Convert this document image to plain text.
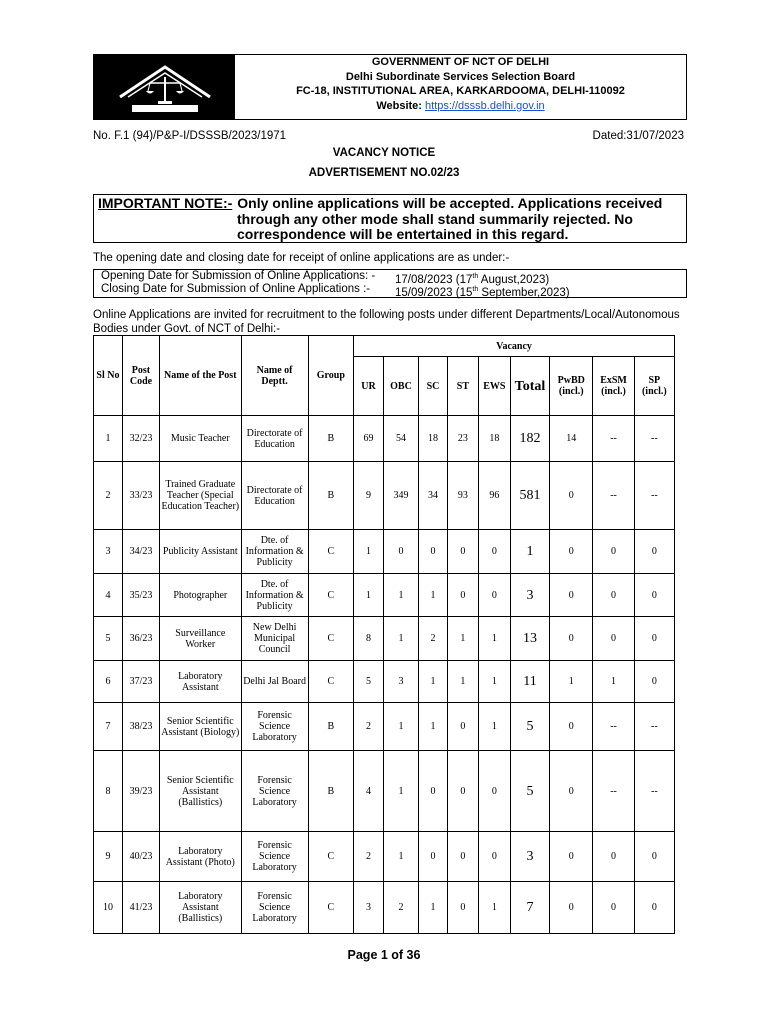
GOVERNMENT OF NCT OF DELHI
Delhi Subordinate Services Selection Board
FC-18, INSTITUTIONAL AREA, KARKARDOOMA, DELHI-110092
Website: https://dsssb.delhi.gov.in
No. F.1 (94)/P&P-I/DSSSB/2023/1971	Dated:31/07/2023
VACANCY NOTICE
ADVERTISEMENT NO.02/23
IMPORTANT NOTE:- Only online applications will be accepted. Applications received
through any other mode shall stand summarily rejected. No
correspondence will be entertained in this regard.
The opening date and closing date for receipt of online applications are as under:-
Opening Date for Submission of Online Applications: - 17/08/2023 (17th August,2023)
Closing Date for Submission of Online Applications :- 15/09/2023 (15th September,2023)
Online Applications are invited for recruitment to the following posts under different Departments/Local/Autonomous
Bodies under Govt. of NCT of Delhi:-
Sl No	Post Code	Name of the Post	Name of Deptt.	Group	Vacancy								
					UR	OBC	SC	ST	EWS	Total	PwBD (incl.)	ExSM (incl.)	SP (incl.)
1	32/23	Music Teacher	Directorate of Education	B	69	54	18	23	18	182	14	--	--
2	33/23	Trained Graduate Teacher (Special Education Teacher)	Directorate of Education	B	9	349	34	93	96	581	0	--	--
3	34/23	Publicity Assistant	Dte. of Information & Publicity	C	1	0	0	0	0	1	0	0	0
4	35/23	Photographer	Dte. of Information & Publicity	C	1	1	1	0	0	3	0	0	0
5	36/23	Surveillance Worker	New Delhi Municipal Council	C	8	1	2	1	1	13	0	0	0
6	37/23	Laboratory Assistant	Delhi Jal Board	C	5	3	1	1	1	11	1	1	0
7	38/23	Senior Scientific Assistant (Biology)	Forensic Science Laboratory	B	2	1	1	0	1	5	0	--	--
8	39/23	Senior Scientific Assistant (Ballistics)	Forensic Science Laboratory	B	4	1	0	0	0	5	0	--	--
9	40/23	Laboratory Assistant (Photo)	Forensic Science Laboratory	C	2	1	0	0	0	3	0	0	0
10	41/23	Laboratory Assistant (Ballistics)	Forensic Science Laboratory	C	3	2	1	0	1	7	0	0	0
Page 1 of 36
